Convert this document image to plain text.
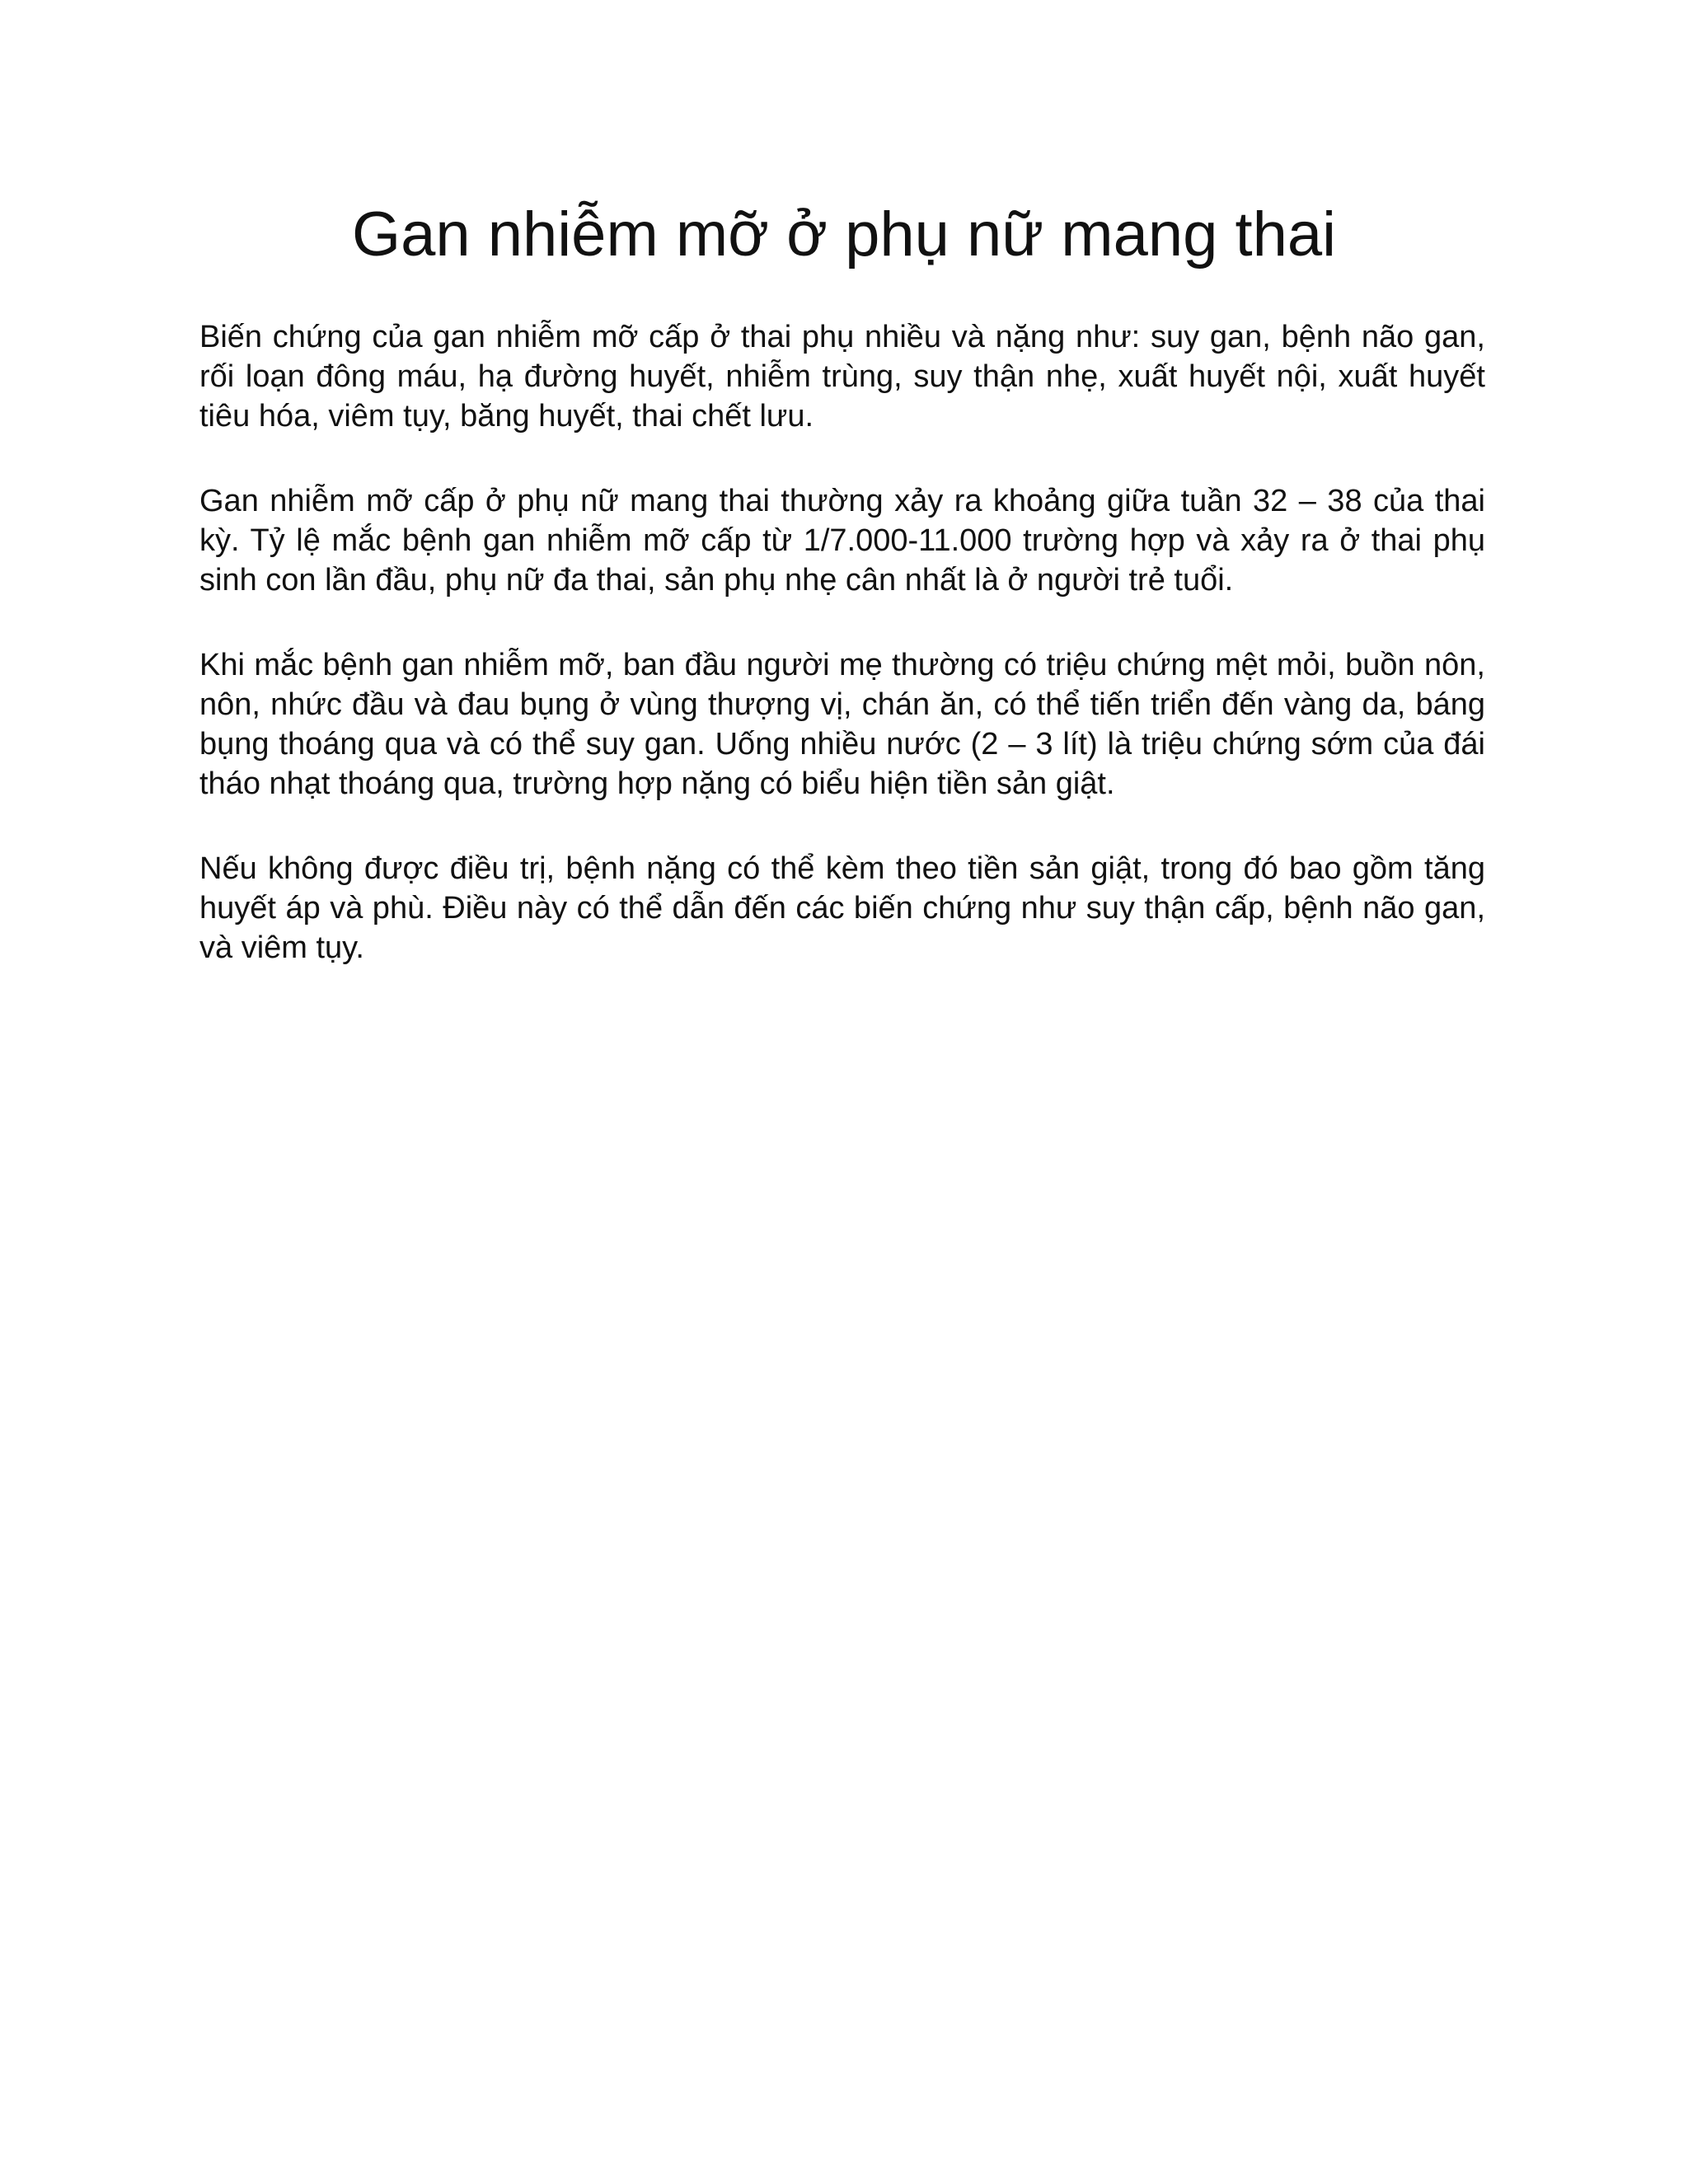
Gan nhiễm mỡ ở phụ nữ mang thai

Biến chứng của gan nhiễm mỡ cấp ở thai phụ nhiều và nặng như: suy gan, bệnh não gan, rối loạn đông máu, hạ đường huyết, nhiễm trùng, suy thận nhẹ, xuất huyết nội, xuất huyết tiêu hóa, viêm tụy, băng huyết, thai chết lưu.

Gan nhiễm mỡ cấp ở phụ nữ mang thai thường xảy ra khoảng giữa tuần 32 – 38 của thai kỳ. Tỷ lệ mắc bệnh gan nhiễm mỡ cấp từ 1/7.000-11.000 trường hợp và xảy ra ở thai phụ sinh con lần đầu, phụ nữ đa thai, sản phụ nhẹ cân nhất là ở người trẻ tuổi.

Khi mắc bệnh gan nhiễm mỡ, ban đầu người mẹ thường có triệu chứng mệt mỏi, buồn nôn, nôn, nhức đầu và đau bụng ở vùng thượng vị, chán ăn, có thể tiến triển đến vàng da, báng bụng thoáng qua và có thể suy gan. Uống nhiều nước (2 – 3 lít) là triệu chứng sớm của đái tháo nhạt thoáng qua, trường hợp nặng có biểu hiện tiền sản giật.

Nếu không được điều trị, bệnh nặng có thể kèm theo tiền sản giật, trong đó bao gồm tăng huyết áp và phù. Điều này có thể dẫn đến các biến chứng như suy thận cấp, bệnh não gan, và viêm tụy.
